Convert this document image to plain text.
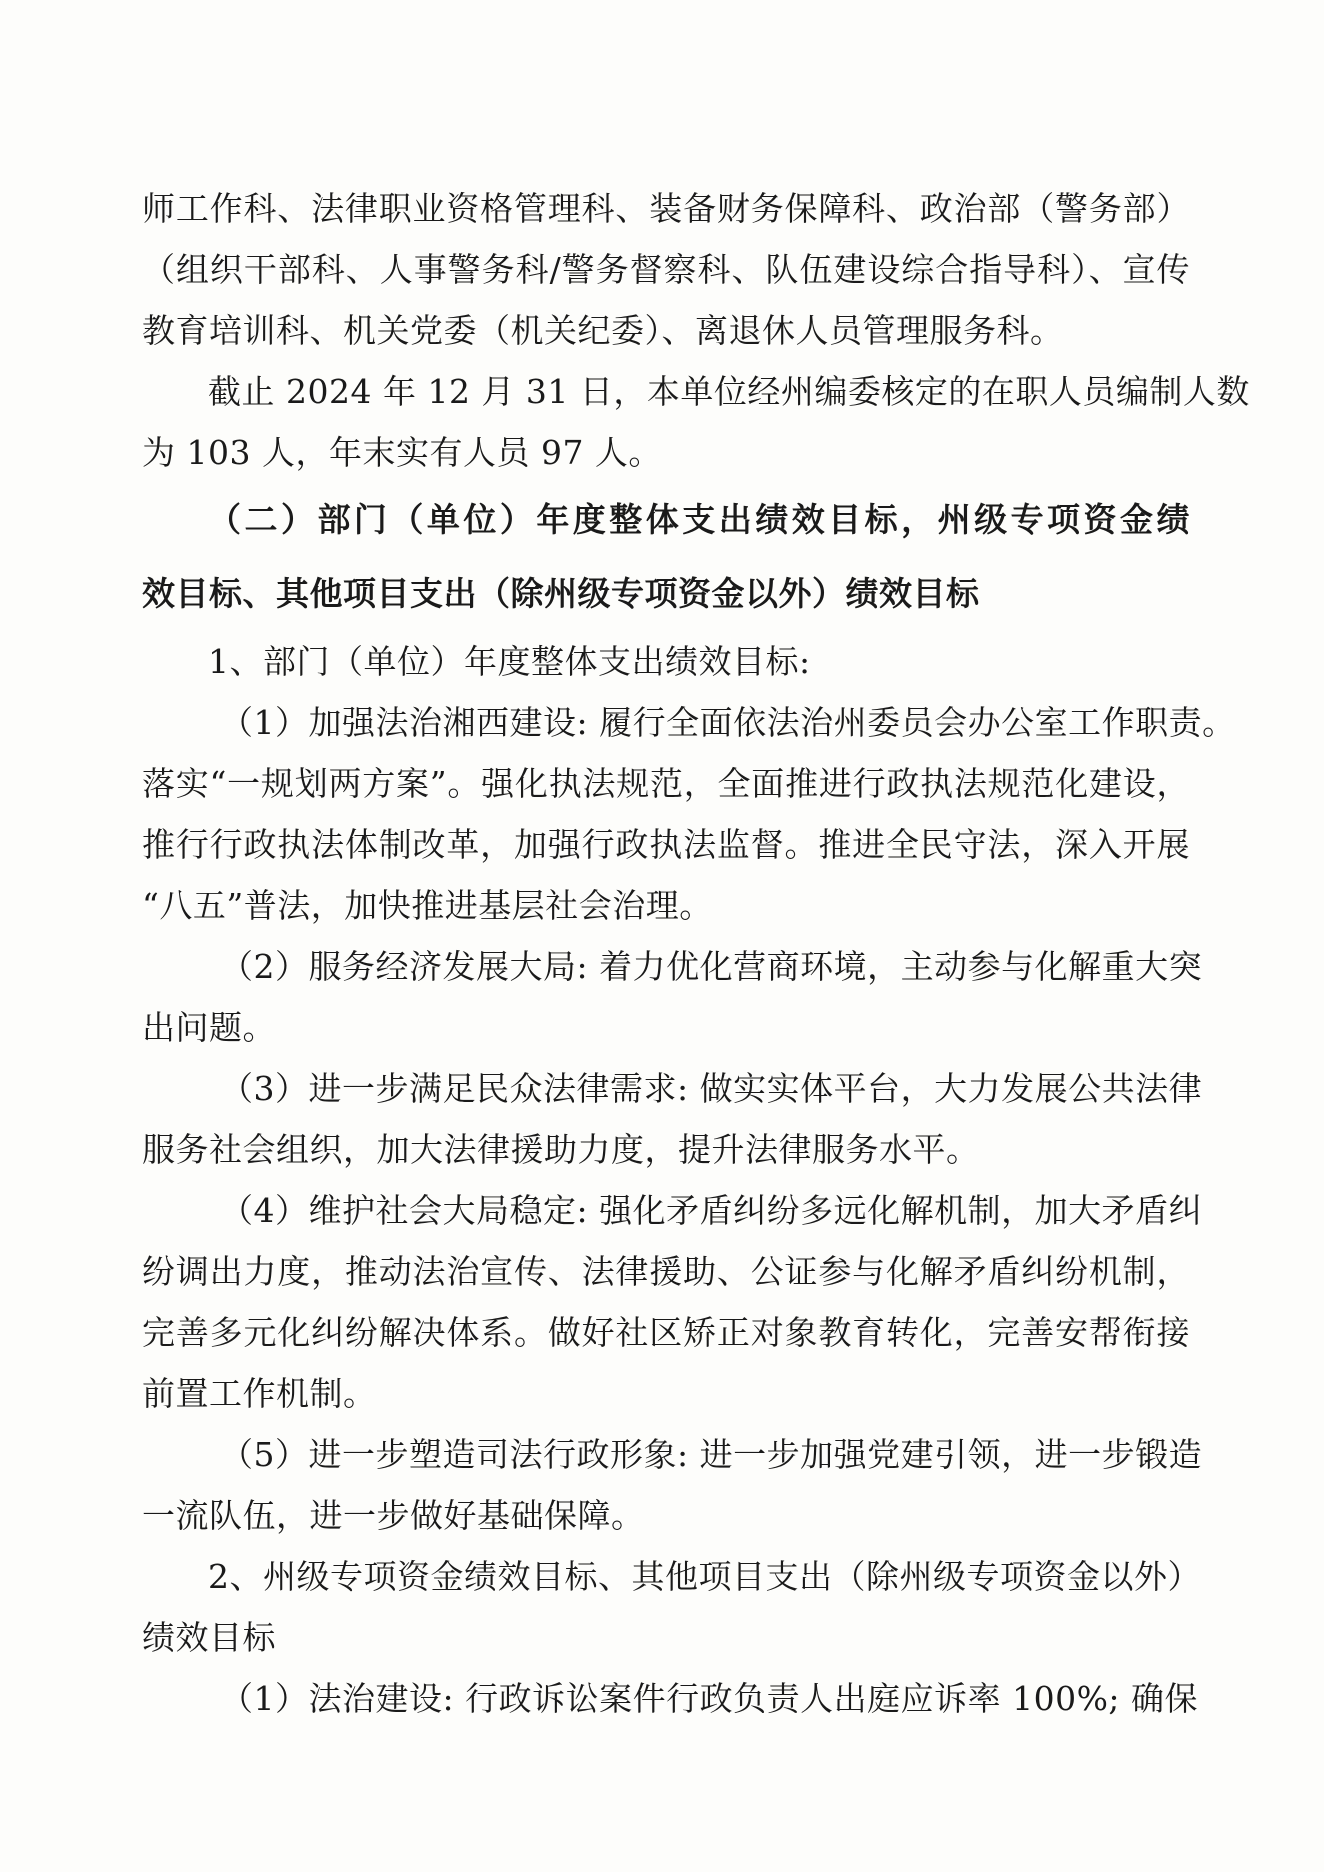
师工作科、法律职业资格管理科、装备财务保障科、政治部（警务部）
（组织干部科、人事警务科/警务督察科、队伍建设综合指导科）、宣传
教育培训科、机关党委（机关纪委）、离退休人员管理服务科。
截止 2024 年 12 月 31 日，本单位经州编委核定的在职人员编制人数
为 103 人，年末实有人员 97 人。
（二）部门（单位）年度整体支出绩效目标，州级专项资金绩
效目标、其他项目支出（除州级专项资金以外）绩效目标
1、部门（单位）年度整体支出绩效目标:
（1）加强法治湘西建设: 履行全面依法治州委员会办公室工作职责。
落实“一规划两方案”。强化执法规范，全面推进行政执法规范化建设，
推行行政执法体制改革，加强行政执法监督。推进全民守法，深入开展
“八五”普法，加快推进基层社会治理。
（2）服务经济发展大局: 着力优化营商环境，主动参与化解重大突
出问题。
（3）进一步满足民众法律需求: 做实实体平台，大力发展公共法律
服务社会组织，加大法律援助力度，提升法律服务水平。
（4）维护社会大局稳定: 强化矛盾纠纷多远化解机制，加大矛盾纠
纷调出力度，推动法治宣传、法律援助、公证参与化解矛盾纠纷机制，
完善多元化纠纷解决体系。做好社区矫正对象教育转化，完善安帮衔接
前置工作机制。
（5）进一步塑造司法行政形象: 进一步加强党建引领，进一步锻造
一流队伍，进一步做好基础保障。
2、州级专项资金绩效目标、其他项目支出（除州级专项资金以外）
绩效目标
（1）法治建设: 行政诉讼案件行政负责人出庭应诉率 100%; 确保
